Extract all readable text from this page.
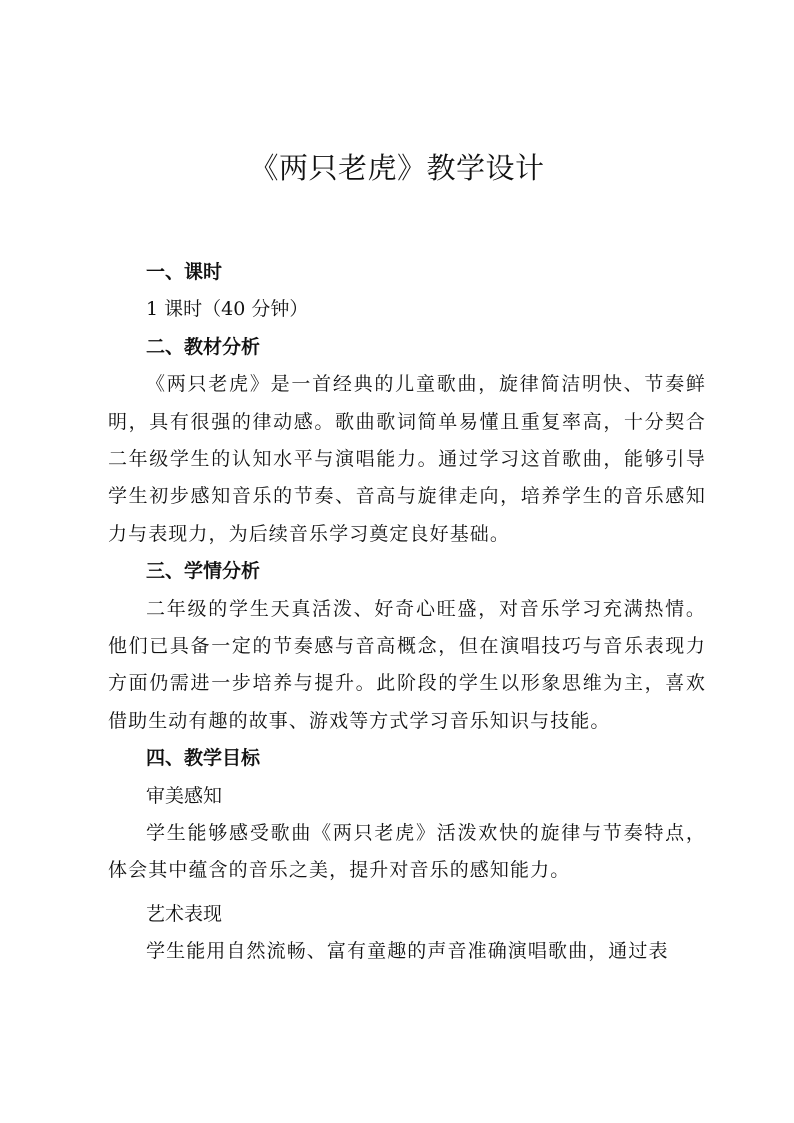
《两只老虎》教学设计

一、课时

1 课时（40 分钟）

二、教材分析

《两只老虎》是一首经典的儿童歌曲，旋律简洁明快、节奏鲜明，具有很强的律动感。歌曲歌词简单易懂且重复率高，十分契合二年级学生的认知水平与演唱能力。通过学习这首歌曲，能够引导学生初步感知音乐的节奏、音高与旋律走向，培养学生的音乐感知力与表现力，为后续音乐学习奠定良好基础。

三、学情分析

二年级的学生天真活泼、好奇心旺盛，对音乐学习充满热情。他们已具备一定的节奏感与音高概念，但在演唱技巧与音乐表现力方面仍需进一步培养与提升。此阶段的学生以形象思维为主，喜欢借助生动有趣的故事、游戏等方式学习音乐知识与技能。

四、教学目标

审美感知

学生能够感受歌曲《两只老虎》活泼欢快的旋律与节奏特点，体会其中蕴含的音乐之美，提升对音乐的感知能力。

艺术表现

学生能用自然流畅、富有童趣的声音准确演唱歌曲，通过表
